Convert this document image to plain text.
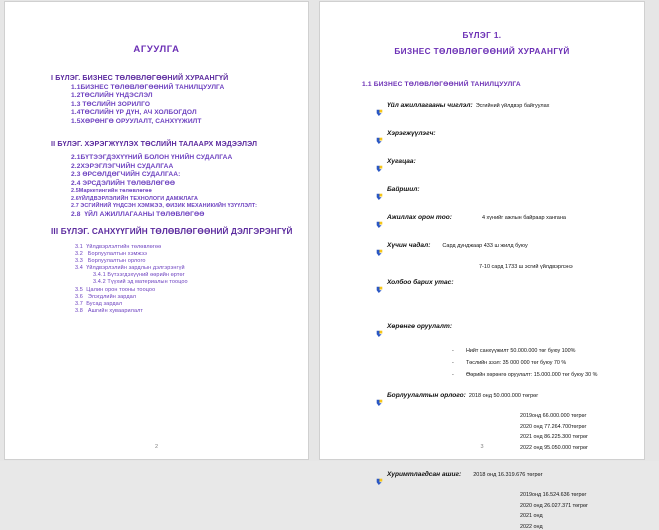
АГУУЛГА
I БҮЛЭГ. БИЗНЕС ТӨЛӨВЛӨГӨӨНИЙ ХУРААНГҮЙ
1.1БИЗНЕС ТӨЛӨВЛӨГӨӨНИЙ ТАНИЛЦУУЛГА
1.2ТӨСЛИЙН ҮНДЭСЛЭЛ
1.3 ТӨСЛИЙН ЗОРИЛГО
1.4ТӨСЛИЙН ҮР ДҮН, АЧ ХОЛБОГДОЛ
1.5ХӨРӨНГӨ ОРУУЛАЛТ, САНХҮҮЖИЛТ
II БҮЛЭГ. ХЭРЭГЖҮҮЛЭХ ТӨСЛИЙН ТАЛААРХ МЭДЭЭЛЭЛ
2.1БҮТЭЭГДЭХҮҮНИЙ БОЛОН ҮНИЙН СУДАЛГАА
2.2ХЭРЭГЛЭГЧИЙН СУДАЛГАА
2.3 ӨРСӨЛДӨГЧИЙН СУДАЛГАА:
2.4 ЭРСДЭЛИЙН ТӨЛӨВЛӨГӨӨ
2.5Маркетингийн төлөвлөгөө
2.6ҮЙЛДВЭРЛЭЛИЙН ТЕХНОЛОГИ ДАМЖЛАГА
2.7 ЭСГИЙНИЙ ҮНДСЭН ХЭМЖЭЭ, ФИЗИК МЕХАНИКИЙН ҮЗҮҮЛЭЛТ:
2.8 ҮЙЛ АЖИЛЛАГААНЫ ТӨЛӨВЛӨГӨӨ
III БҮЛЭГ. САНХҮҮГИЙН ТӨЛӨВЛӨГӨӨНИЙ ДЭЛГЭРЭНГҮЙ
3.1 Үйлдвэрлэлтийн төлөвлөгөө
3.2 Борлуулалтын хэмжээ
3.3 Борлуулалтын орлого
3.4 Үйлдвэрлэлийн зардлын дэлгэрэнгүй
3.4.1 Бүтээгдэхүүний өөрийн өртөг
3.4.2 Түүхий эд материалын тооцоо
3.5 Цалин орон тооны тооцоо
3.6 Элэгдлийн зардал
3.7 Бусад зардал
3.8 Ашгийн хуваарилалт
2
БҮЛЭГ 1.
БИЗНЕС ТӨЛӨВЛӨГӨӨНИЙ ХУРААНГҮЙ
1.1 БИЗНЕС ТӨЛӨВЛӨГӨӨНИЙ ТАНИЛЦУУЛГА
Үйл ажиллагааны чиглэл: Эсгийний үйлдвэр байгуулах
Хэрэгжүүлэгч:
Хугацаа:
Байршил:
Ажиллах орон тоо:	4 хүнийг ажлын байраар хангана
Хүчин чадал: Сард дунджаар 433 ш жилд буюу
7-10 сард 1733 ш эсгий үйлдвэрлэнэ
Холбоо барих утас:
Хөрөнгө оруулалт:
- Нийт санхүүжилт 50.000.000 төг буюу 100%
- Төслийн зээл: 35 000 000 төг буюу 70 %
- Өөрийн хөрөнгө оруулалт: 15.000.000 төг буюу 30 %
Борлуулалтын орлого: 2018 онд 50.000.000 төгрөг
2019онд 66.000.000 төгрөг
2020 онд 77.264.700төгрөг
2021 онд 86.225.300 төгрөг
2022 онд 95.050.000 төгрөг
Хуримтлагдсан ашиг: 2018 онд 16.319.676 төгрөг
2019онд 16.524.636 төгрөг
2020 онд 26.027.371 төгрөг
2021 онд
2022 онд
3
